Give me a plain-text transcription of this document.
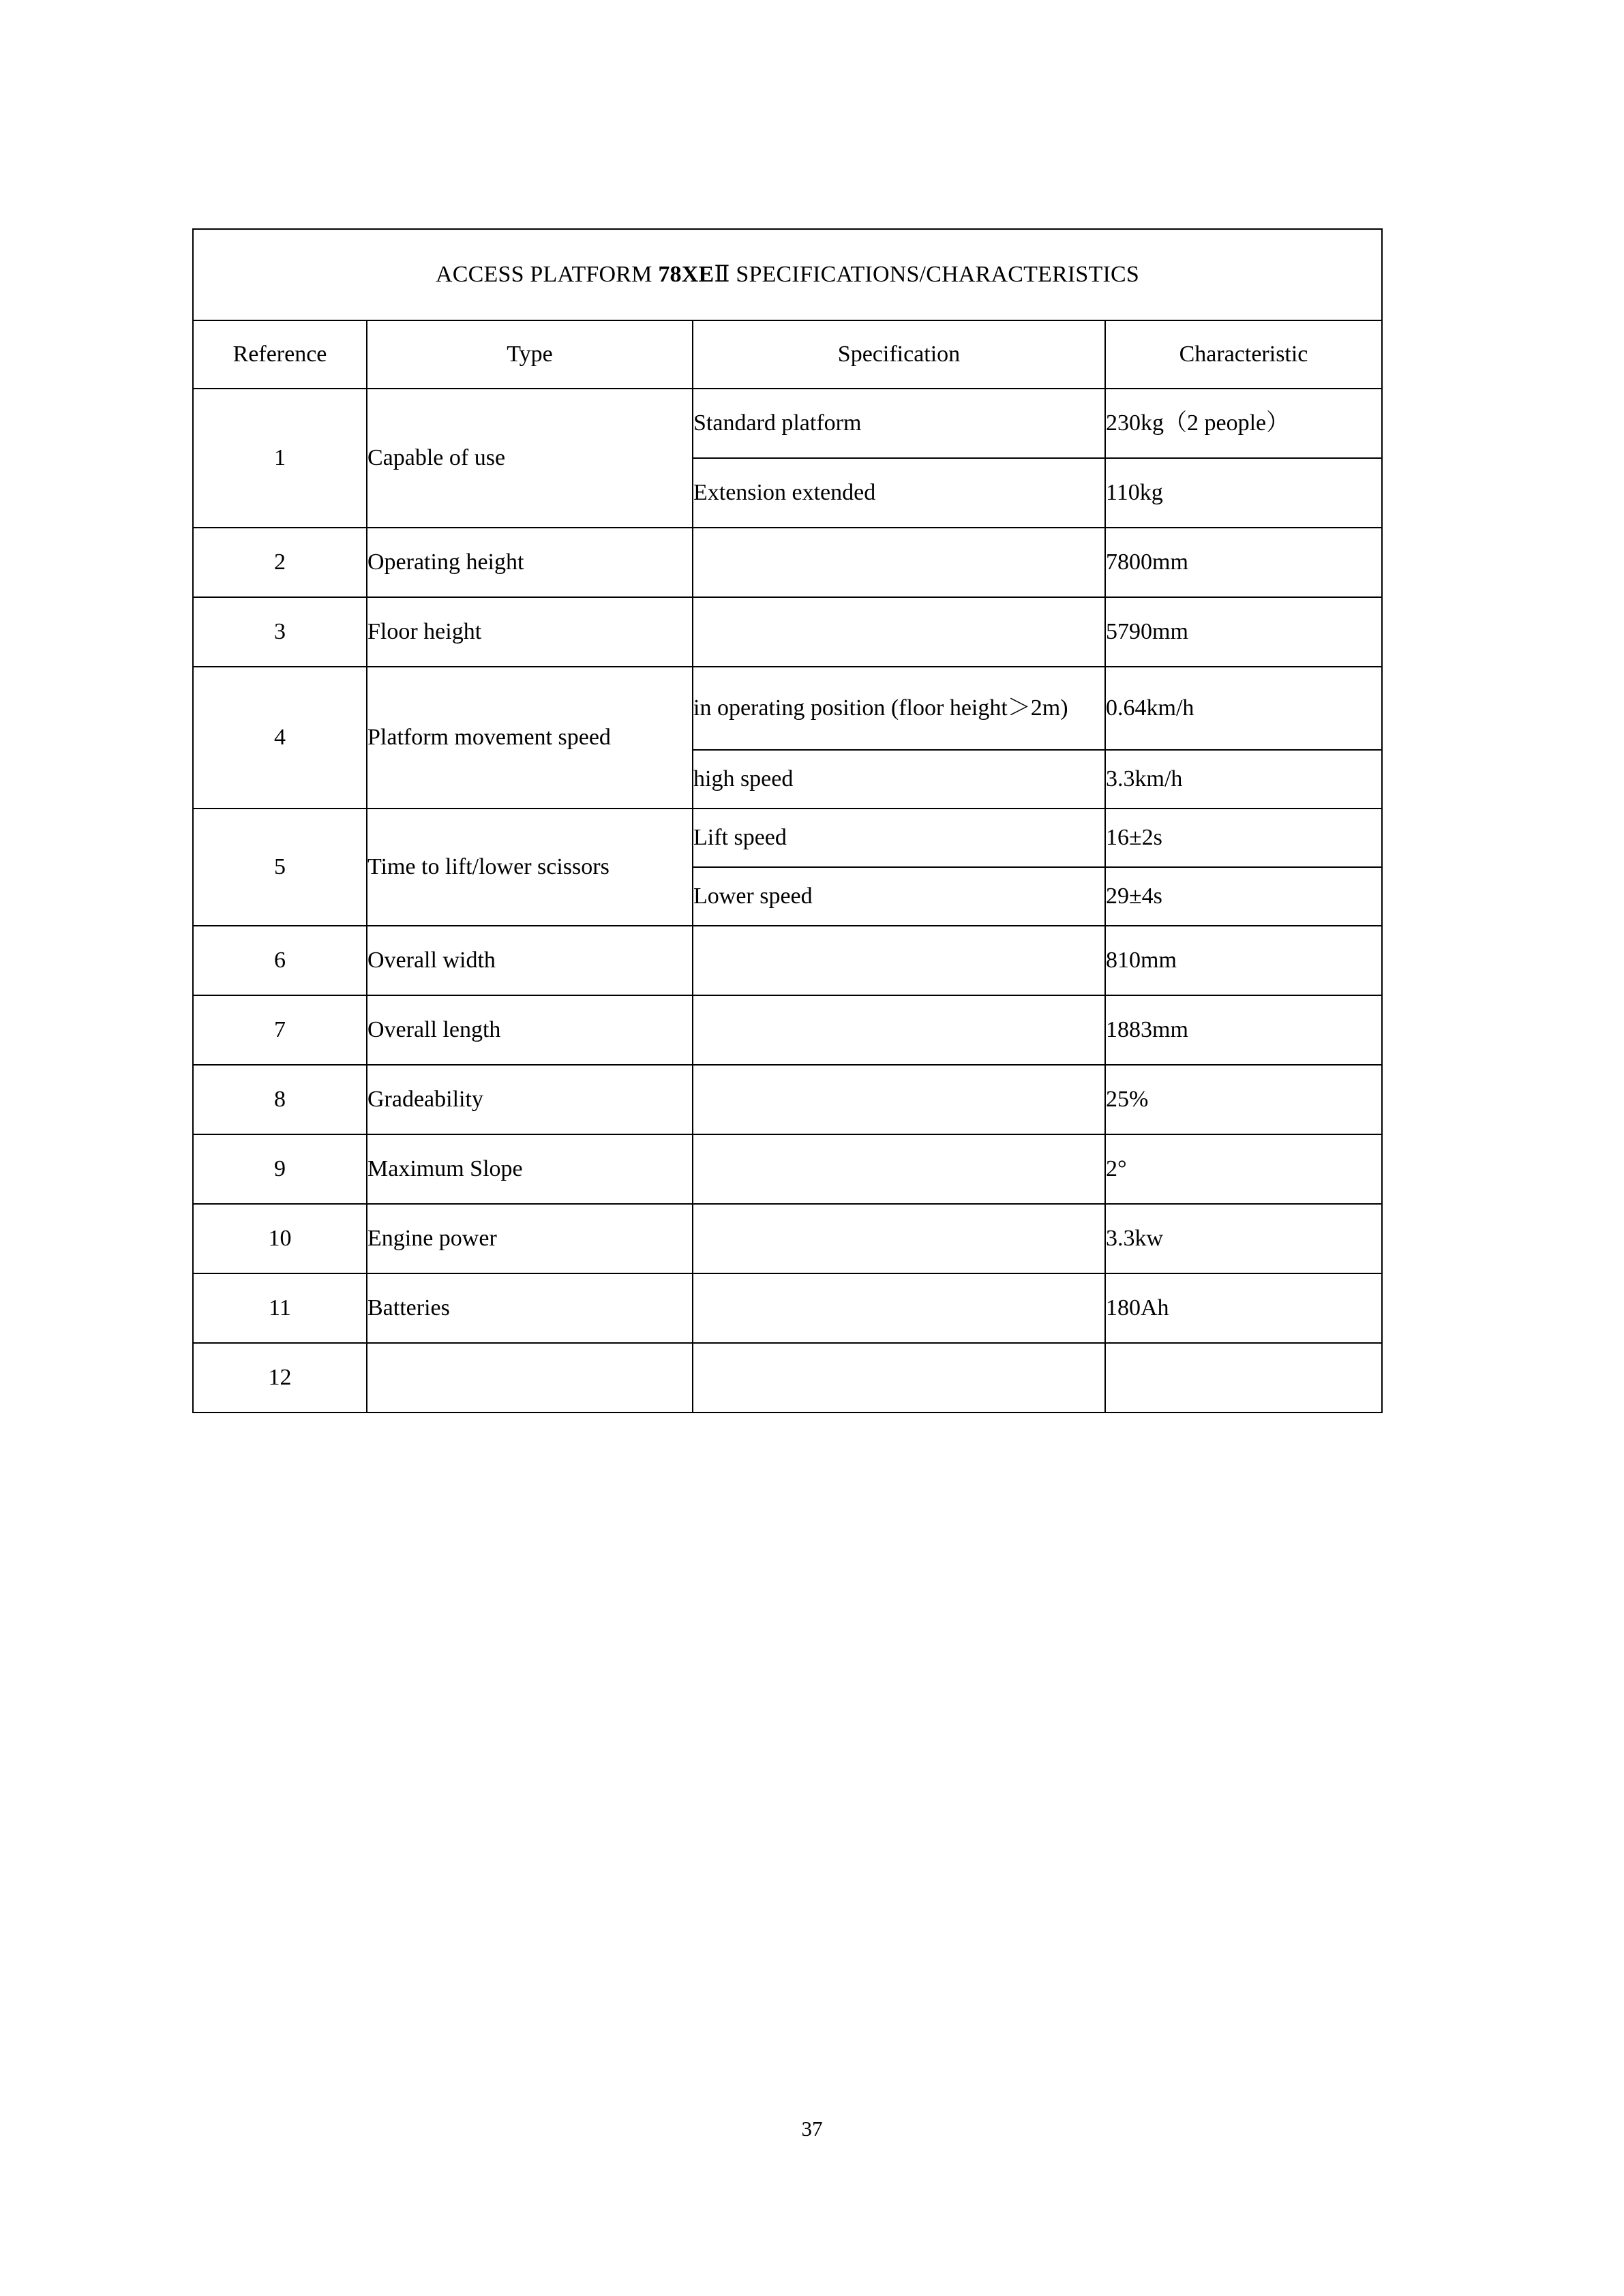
ACCESS PLATFORM 78XEⅡ SPECIFICATIONS/CHARACTERISTICS			
Reference	Type	Specification	Characteristic
1	Capable of use	Standard platform	230kg（2 people）
		Extension extended	110kg
2	Operating height		7800mm
3	Floor height		5790mm
4	Platform movement speed	in operating position (floor height＞2m)	0.64km/h
		high speed	3.3km/h
5	Time to lift/lower scissors	Lift speed	16±2s
		Lower speed	29±4s
6	Overall width		810mm
7	Overall length		1883mm
8	Gradeability		25%
9	Maximum Slope		2°
10	Engine power		3.3kw
11	Batteries		180Ah
12			
37
